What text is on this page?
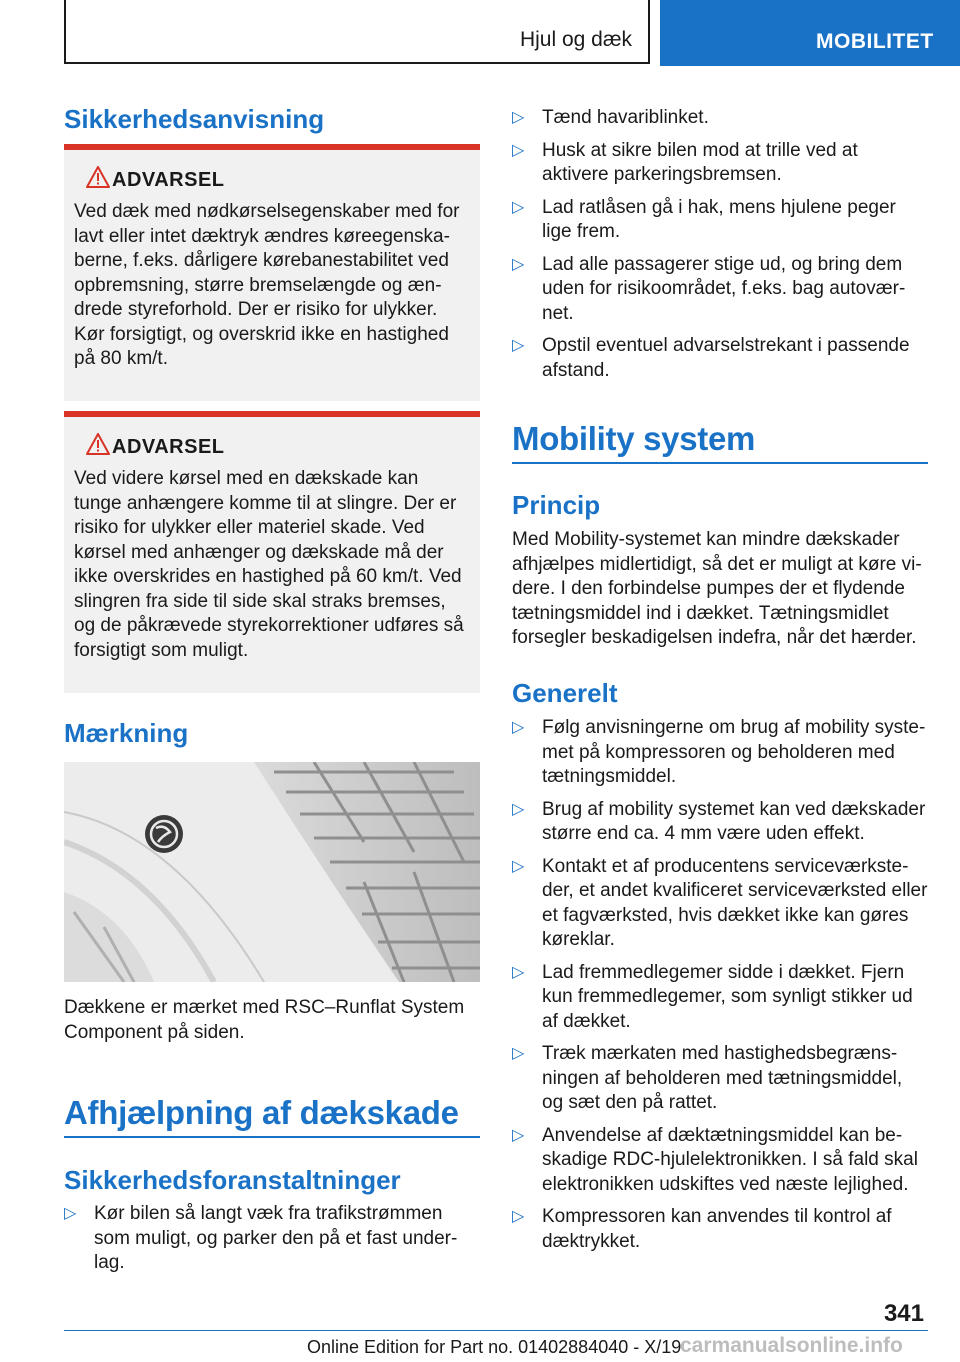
Hjul og dæk	MOBILITET
Sikkerhedsanvisning
ADVARSEL
Ved dæk med nødkørselsegenskaber med for lavt eller intet dæktryk ændres køreegenskaberne, f.eks. dårligere kørebanestabilitet ved opbremsning, større bremselængde og ændrede styreforhold. Der er risiko for ulykker. Kør forsigtigt, og overskrid ikke en hastighed på 80 km/t.
ADVARSEL
Ved videre kørsel med en dækskade kan tunge anhængere komme til at slingre. Der er risiko for ulykker eller materiel skade. Ved kørsel med anhænger og dækskade må der ikke overskrides en hastighed på 60 km/t. Ved slingren fra side til side skal straks bremses, og de påkrævede styrekorrektioner udføres så forsigtigt som muligt.
Mærkning
Dækkene er mærket med RSC–Runflat System Component på siden.
Afhjælpning af dækskade
Sikkerhedsforanstaltninger
▷ Kør bilen så langt væk fra trafikstrømmen som muligt, og parker den på et fast underlag.
▷ Tænd havariblinket.
▷ Husk at sikre bilen mod at trille ved at aktivere parkeringsbremsen.
▷ Lad ratlåsen gå i hak, mens hjulene peger lige frem.
▷ Lad alle passagerer stige ud, og bring dem uden for risikoområdet, f.eks. bag autoværnet.
▷ Opstil eventuel advarselstrekant i passende afstand.
Mobility system
Princip
Med Mobility-systemet kan mindre dækskader afhjælpes midlertidigt, så det er muligt at køre videre. I den forbindelse pumpes der et flydende tætningsmiddel ind i dækket. Tætningsmidlet forsegler beskadigelsen indefra, når det hærder.
Generelt
▷ Følg anvisningerne om brug af mobility systemet på kompressoren og beholderen med tætningsmiddel.
▷ Brug af mobility systemet kan ved dækskader større end ca. 4 mm være uden effekt.
▷ Kontakt et af producentens serviceværksteder, et andet kvalificeret serviceværksted eller et fagværksted, hvis dækket ikke kan gøres køreklar.
▷ Lad fremmedlegemer sidde i dækket. Fjern kun fremmedlegemer, som synligt stikker ud af dækket.
▷ Træk mærkaten med hastighedsbegrænsningen af beholderen med tætningsmiddel, og sæt den på rattet.
▷ Anvendelse af dæktætningsmiddel kan beskadige RDC-hjulelektronikken. I så fald skal elektronikken udskiftes ved næste lejlighed.
▷ Kompressoren kan anvendes til kontrol af dæktrykket.
341
Online Edition for Part no. 01402884040 - X/19
carmanualsonline.info
